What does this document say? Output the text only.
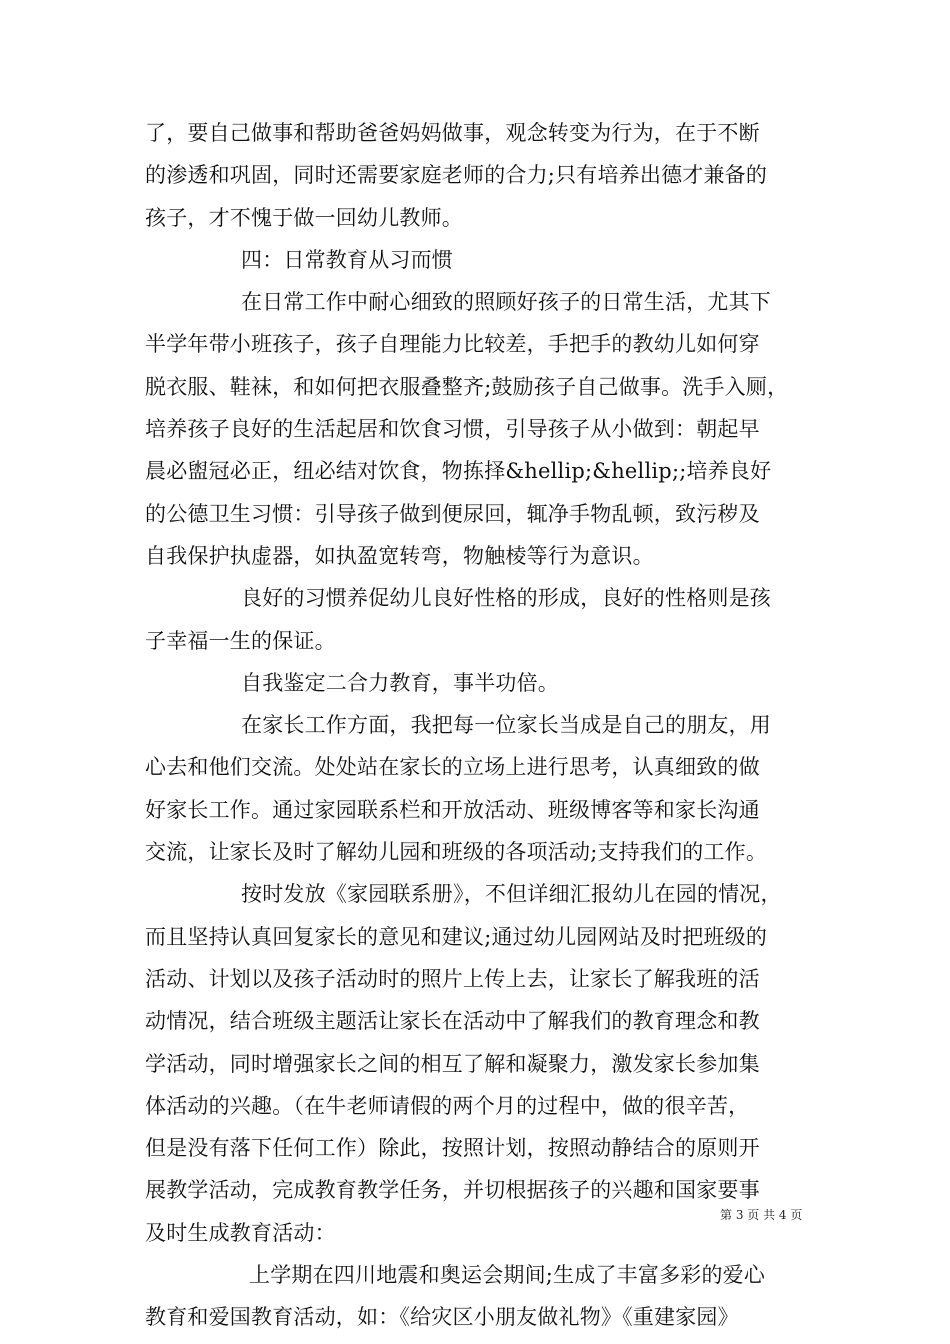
了，要自己做事和帮助爸爸妈妈做事，观念转变为行为，在于不断
的渗透和巩固，同时还需要家庭老师的合力;只有培养出德才兼备的
孩子，才不愧于做一回幼儿教师。
四：日常教育从习而惯
在日常工作中耐心细致的照顾好孩子的日常生活，尤其下
半学年带小班孩子，孩子自理能力比较差，手把手的教幼儿如何穿
脱衣服、鞋袜，和如何把衣服叠整齐;鼓励孩子自己做事。洗手入厕，
培养孩子良好的生活起居和饮食习惯，引导孩子从小做到：朝起早
晨必盥冠必正，纽必结对饮食，物拣择&hellip;&hellip;;培养良好
的公德卫生习惯：引导孩子做到便尿回，辄净手物乱顿，致污秽及
自我保护执虚器，如执盈宽转弯，物触棱等行为意识。
良好的习惯养促幼儿良好性格的形成，良好的性格则是孩
子幸福一生的保证。
自我鉴定二合力教育，事半功倍。
在家长工作方面，我把每一位家长当成是自己的朋友，用
心去和他们交流。处处站在家长的立场上进行思考，认真细致的做
好家长工作。通过家园联系栏和开放活动、班级博客等和家长沟通
交流，让家长及时了解幼儿园和班级的各项活动;支持我们的工作。
按时发放《家园联系册》，不但详细汇报幼儿在园的情况，
而且坚持认真回复家长的意见和建议;通过幼儿园网站及时把班级的
活动、计划以及孩子活动时的照片上传上去，让家长了解我班的活
动情况，结合班级主题活让家长在活动中了解我们的教育理念和教
学活动，同时增强家长之间的相互了解和凝聚力，激发家长参加集
体活动的兴趣。（在牛老师请假的两个月的过程中，做的很辛苦，
但是没有落下任何工作）除此，按照计划，按照动静结合的原则开
展教学活动，完成教育教学任务，并切根据孩子的兴趣和国家要事
及时生成教育活动：
上学期在四川地震和奥运会期间;生成了丰富多彩的爱心
教育和爱国教育活动，如：《给灾区小朋友做礼物》《重建家园》
第 3 页 共 4 页
